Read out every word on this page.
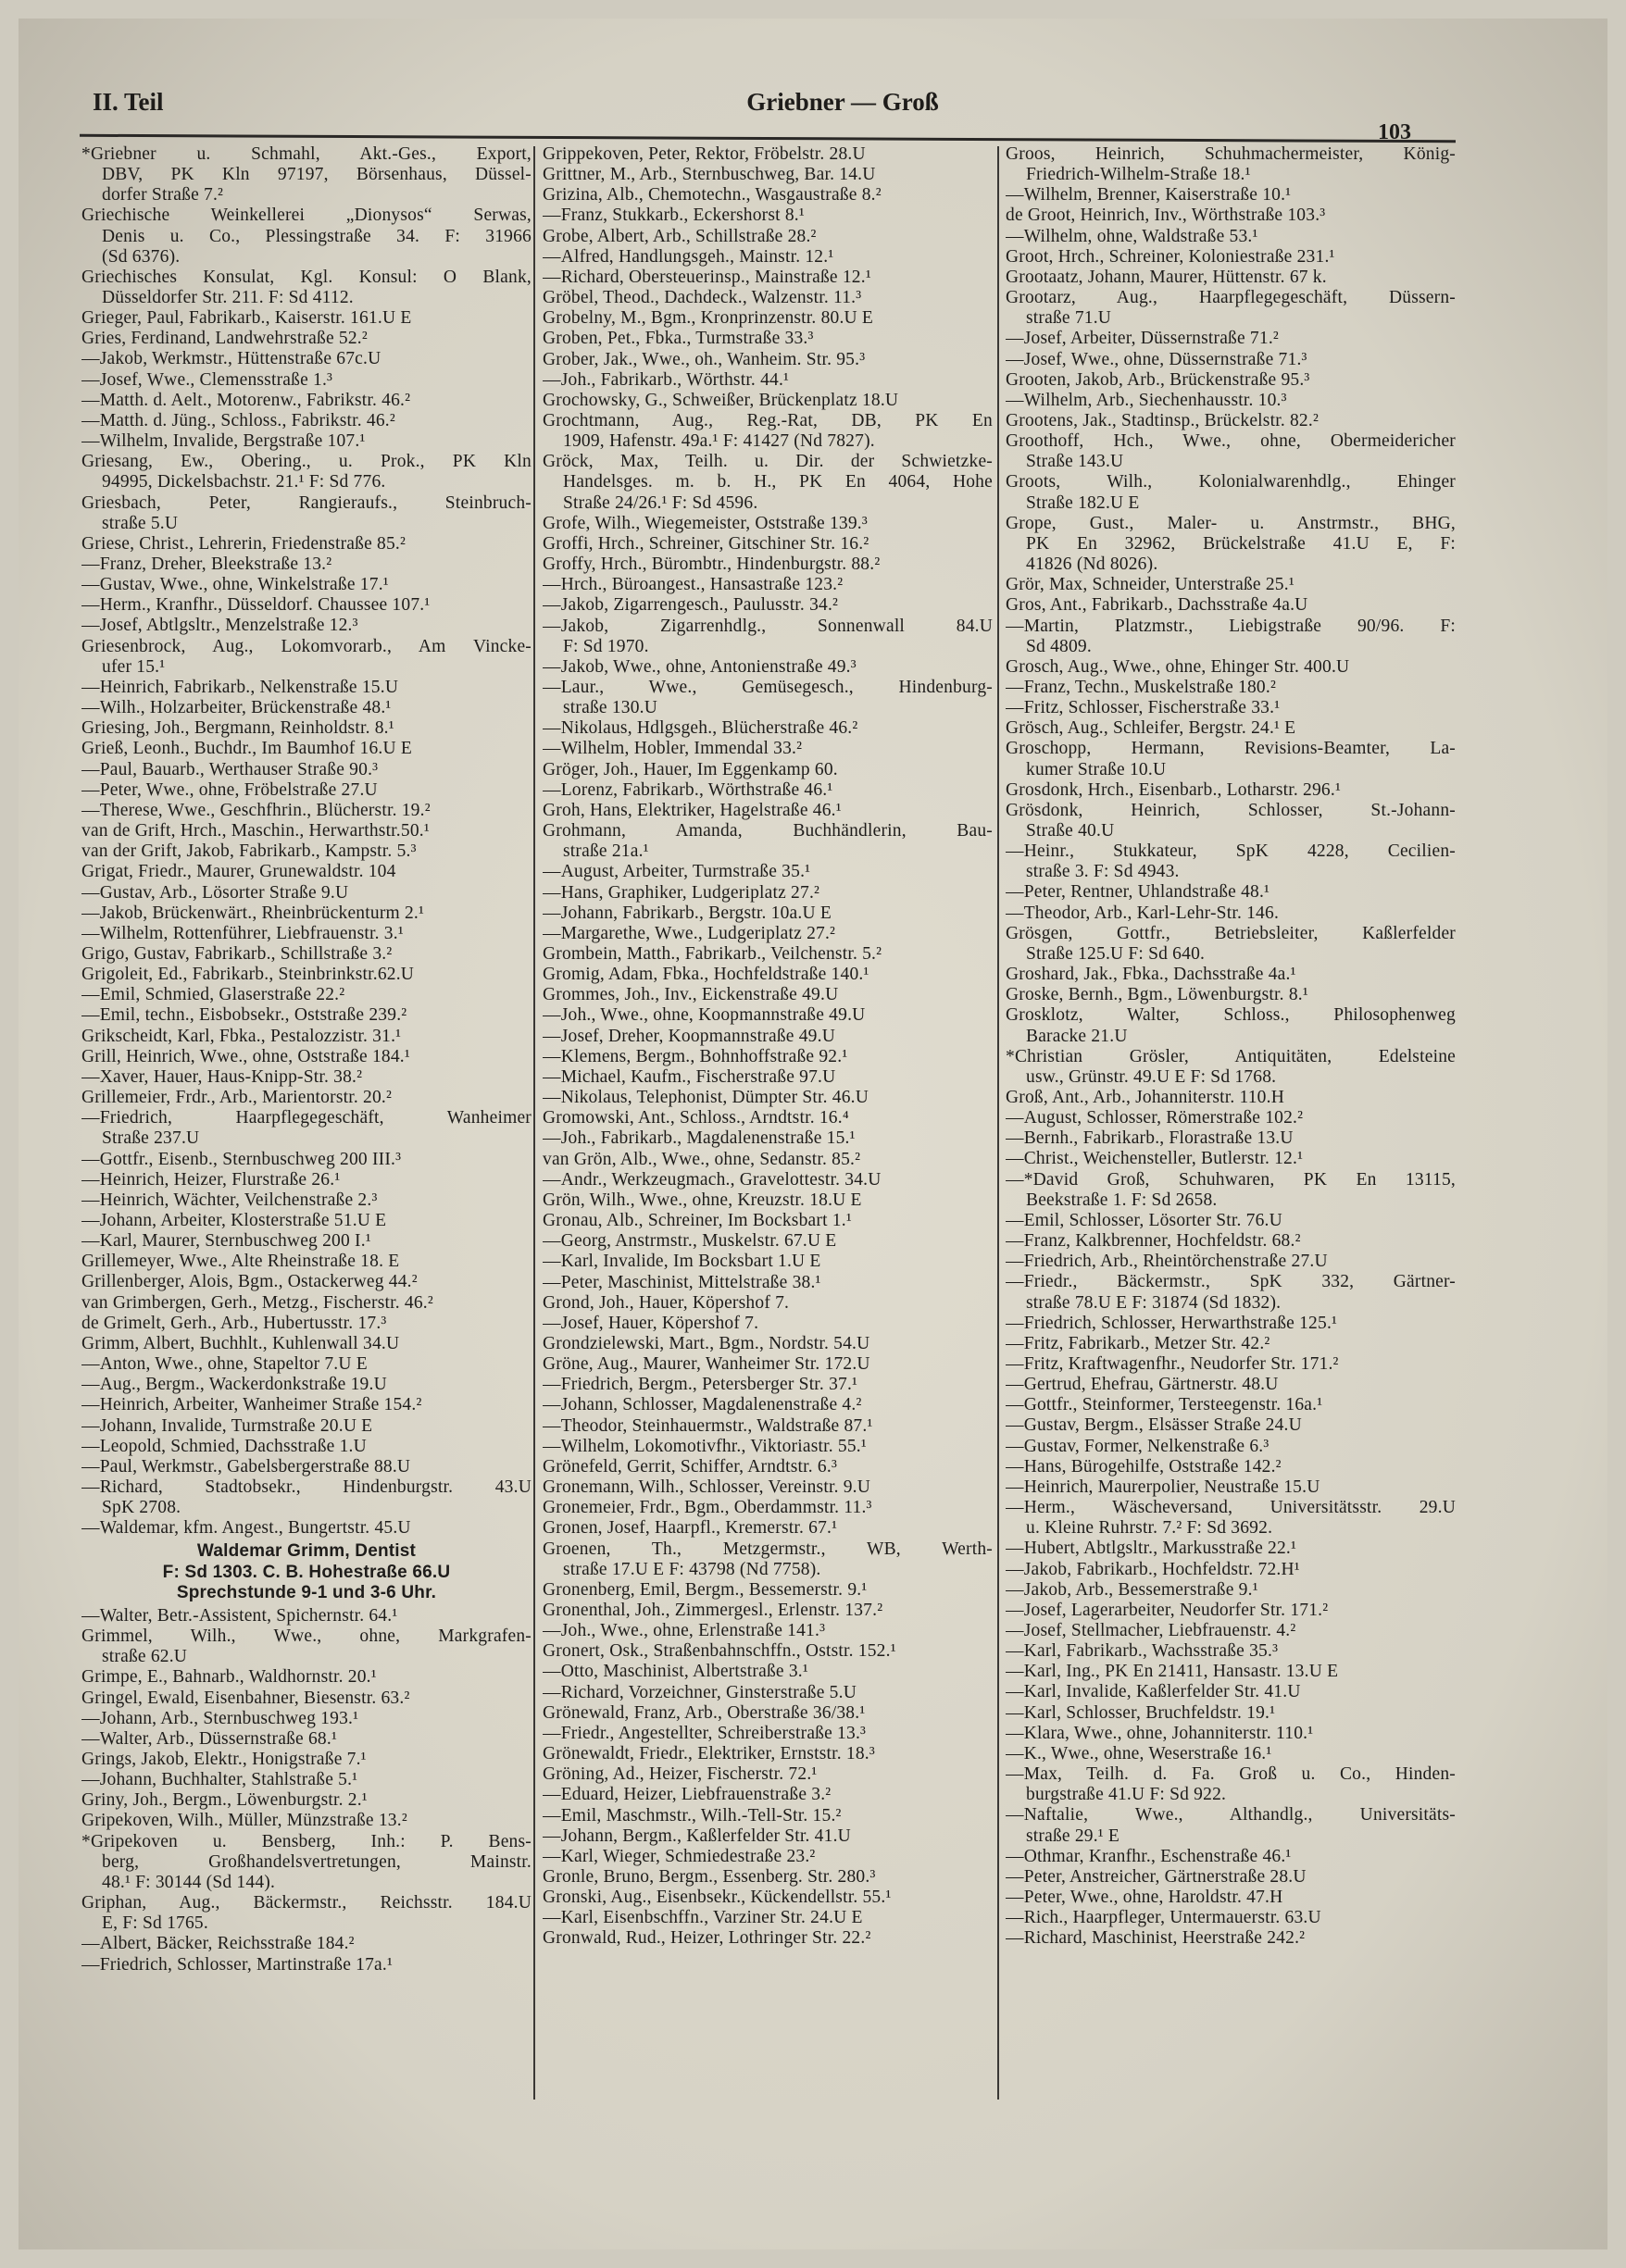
II. Teil	Griebner — Groß
103
*Griebner u. Schmahl, Akt.-Ges., Export,
DBV, PK Kln 97197, Börsenhaus, Düssel-
dorfer Straße 7.²
Griechische Weinkellerei „Dionysos“ Serwas,
Denis u. Co., Plessingstraße 34. F: 31966
(Sd 6376).
Griechisches Konsulat, Kgl. Konsul: O Blank,
Düsseldorfer Str. 211. F: Sd 4112.
Grieger, Paul, Fabrikarb., Kaiserstr. 161.U E
Gries, Ferdinand, Landwehrstraße 52.²
—Jakob, Werkmstr., Hüttenstraße 67c.U
—Josef, Wwe., Clemensstraße 1.³
—Matth. d. Aelt., Motorenw., Fabrikstr. 46.²
—Matth. d. Jüng., Schloss., Fabrikstr. 46.²
—Wilhelm, Invalide, Bergstraße 107.¹
Griesang, Ew., Obering., u. Prok., PK Kln
94995, Dickelsbachstr. 21.¹ F: Sd 776.
Griesbach, Peter, Rangieraufs., Steinbruch-
straße 5.U
Griese, Christ., Lehrerin, Friedenstraße 85.²
—Franz, Dreher, Bleekstraße 13.²
—Gustav, Wwe., ohne, Winkelstraße 17.¹
—Herm., Kranfhr., Düsseldorf. Chaussee 107.¹
—Josef, Abtlgsltr., Menzelstraße 12.³
Griesenbrock, Aug., Lokomvorarb., Am Vincke-
ufer 15.¹
—Heinrich, Fabrikarb., Nelkenstraße 15.U
—Wilh., Holzarbeiter, Brückenstraße 48.¹
Griesing, Joh., Bergmann, Reinholdstr. 8.¹
Grieß, Leonh., Buchdr., Im Baumhof 16.U E
—Paul, Bauarb., Werthauser Straße 90.³
—Peter, Wwe., ohne, Fröbelstraße 27.U
—Therese, Wwe., Geschfhrin., Blücherstr. 19.²
van de Grift, Hrch., Maschin., Herwarthstr.50.¹
van der Grift, Jakob, Fabrikarb., Kampstr. 5.³
Grigat, Friedr., Maurer, Grunewaldstr. 104
—Gustav, Arb., Lösorter Straße 9.U
—Jakob, Brückenwärt., Rheinbrückenturm 2.¹
—Wilhelm, Rottenführer, Liebfrauenstr. 3.¹
Grigo, Gustav, Fabrikarb., Schillstraße 3.²
Grigoleit, Ed., Fabrikarb., Steinbrinkstr.62.U
—Emil, Schmied, Glaserstraße 22.²
—Emil, techn., Eisbobsekr., Oststraße 239.²
Grikscheidt, Karl, Fbka., Pestalozzistr. 31.¹
Grill, Heinrich, Wwe., ohne, Oststraße 184.¹
—Xaver, Hauer, Haus-Knipp-Str. 38.²
Grillemeier, Frdr., Arb., Marientorstr. 20.²
—Friedrich, Haarpflegegeschäft, Wanheimer
Straße 237.U
—Gottfr., Eisenb., Sternbuschweg 200 III.³
—Heinrich, Heizer, Flurstraße 26.¹
—Heinrich, Wächter, Veilchenstraße 2.³
—Johann, Arbeiter, Klosterstraße 51.U E
—Karl, Maurer, Sternbuschweg 200 I.¹
Grillemeyer, Wwe., Alte Rheinstraße 18. E
Grillenberger, Alois, Bgm., Ostackerweg 44.²
van Grimbergen, Gerh., Metzg., Fischerstr. 46.²
de Grimelt, Gerh., Arb., Hubertusstr. 17.³
Grimm, Albert, Buchhlt., Kuhlenwall 34.U
—Anton, Wwe., ohne, Stapeltor 7.U E
—Aug., Bergm., Wackerdonkstraße 19.U
—Heinrich, Arbeiter, Wanheimer Straße 154.²
—Johann, Invalide, Turmstraße 20.U E
—Leopold, Schmied, Dachsstraße 1.U
—Paul, Werkmstr., Gabelsbergerstraße 88.U
—Richard, Stadtobsekr., Hindenburgstr. 43.U
SpK 2708.
—Waldemar, kfm. Angest., Bungertstr. 45.U
Waldemar Grimm, Dentist
F: Sd 1303. C. B. Hohestraße 66.U
Sprechstunde 9-1 und 3-6 Uhr.
—Walter, Betr.-Assistent, Spichernstr. 64.¹
Grimmel, Wilh., Wwe., ohne, Markgrafen-
straße 62.U
Grimpe, E., Bahnarb., Waldhornstr. 20.¹
Gringel, Ewald, Eisenbahner, Biesenstr. 63.²
—Johann, Arb., Sternbuschweg 193.¹
—Walter, Arb., Düssernstraße 68.¹
Grings, Jakob, Elektr., Honigstraße 7.¹
—Johann, Buchhalter, Stahlstraße 5.¹
Griny, Joh., Bergm., Löwenburgstr. 2.¹
Gripekoven, Wilh., Müller, Münzstraße 13.²
*Gripekoven u. Bensberg, Inh.: P. Bens-
berg, Großhandelsvertretungen, Mainstr.
48.¹ F: 30144 (Sd 144).
Griphan, Aug., Bäckermstr., Reichsstr. 184.U
E, F: Sd 1765.
—Albert, Bäcker, Reichsstraße 184.²
—Friedrich, Schlosser, Martinstraße 17a.¹
Grippekoven, Peter, Rektor, Fröbelstr. 28.U
Grittner, M., Arb., Sternbuschweg, Bar. 14.U
Grizina, Alb., Chemotechn., Wasgaustraße 8.²
—Franz, Stukkarb., Eckershorst 8.¹
Grobe, Albert, Arb., Schillstraße 28.²
—Alfred, Handlungsgeh., Mainstr. 12.¹
—Richard, Obersteuerinsp., Mainstraße 12.¹
Gröbel, Theod., Dachdeck., Walzenstr. 11.³
Grobelny, M., Bgm., Kronprinzenstr. 80.U E
Groben, Pet., Fbka., Turmstraße 33.³
Grober, Jak., Wwe., oh., Wanheim. Str. 95.³
—Joh., Fabrikarb., Wörthstr. 44.¹
Grochowsky, G., Schweißer, Brückenplatz 18.U
Grochtmann, Aug., Reg.-Rat, DB, PK En
1909, Hafenstr. 49a.¹ F: 41427 (Nd 7827).
Gröck, Max, Teilh. u. Dir. der Schwietzke-
Handelsges. m. b. H., PK En 4064, Hohe
Straße 24/26.¹ F: Sd 4596.
Grofe, Wilh., Wiegemeister, Oststraße 139.³
Groffi, Hrch., Schreiner, Gitschiner Str. 16.²
Groffy, Hrch., Bürombtr., Hindenburgstr. 88.²
—Hrch., Büroangest., Hansastraße 123.²
—Jakob, Zigarrengesch., Paulusstr. 34.²
—Jakob, Zigarrenhdlg., Sonnenwall 84.U
F: Sd 1970.
—Jakob, Wwe., ohne, Antonienstraße 49.³
—Laur., Wwe., Gemüsegesch., Hindenburg-
straße 130.U
—Nikolaus, Hdlgsgeh., Blücherstraße 46.²
—Wilhelm, Hobler, Immendal 33.²
Gröger, Joh., Hauer, Im Eggenkamp 60.
—Lorenz, Fabrikarb., Wörthstraße 46.¹
Groh, Hans, Elektriker, Hagelstraße 46.¹
Grohmann, Amanda, Buchhändlerin, Bau-
straße 21a.¹
—August, Arbeiter, Turmstraße 35.¹
—Hans, Graphiker, Ludgeriplatz 27.²
—Johann, Fabrikarb., Bergstr. 10a.U E
—Margarethe, Wwe., Ludgeriplatz 27.²
Grombein, Matth., Fabrikarb., Veilchenstr. 5.²
Gromig, Adam, Fbka., Hochfeldstraße 140.¹
Grommes, Joh., Inv., Eickenstraße 49.U
—Joh., Wwe., ohne, Koopmannstraße 49.U
—Josef, Dreher, Koopmannstraße 49.U
—Klemens, Bergm., Bohnhoffstraße 92.¹
—Michael, Kaufm., Fischerstraße 97.U
—Nikolaus, Telephonist, Dümpter Str. 46.U
Gromowski, Ant., Schloss., Arndtstr. 16.⁴
—Joh., Fabrikarb., Magdalenenstraße 15.¹
van Grön, Alb., Wwe., ohne, Sedanstr. 85.²
—Andr., Werkzeugmach., Gravelottestr. 34.U
Grön, Wilh., Wwe., ohne, Kreuzstr. 18.U E
Gronau, Alb., Schreiner, Im Bocksbart 1.¹
—Georg, Anstrmstr., Muskelstr. 67.U E
—Karl, Invalide, Im Bocksbart 1.U E
—Peter, Maschinist, Mittelstraße 38.¹
Grond, Joh., Hauer, Köpershof 7.
—Josef, Hauer, Köpershof 7.
Grondzielewski, Mart., Bgm., Nordstr. 54.U
Gröne, Aug., Maurer, Wanheimer Str. 172.U
—Friedrich, Bergm., Petersberger Str. 37.¹
—Johann, Schlosser, Magdalenenstraße 4.²
—Theodor, Steinhauermstr., Waldstraße 87.¹
—Wilhelm, Lokomotivfhr., Viktoriastr. 55.¹
Grönefeld, Gerrit, Schiffer, Arndtstr. 6.³
Gronemann, Wilh., Schlosser, Vereinstr. 9.U
Gronemeier, Frdr., Bgm., Oberdammstr. 11.³
Gronen, Josef, Haarpfl., Kremerstr. 67.¹
Groenen, Th., Metzgermstr., WB, Werth-
straße 17.U E F: 43798 (Nd 7758).
Gronenberg, Emil, Bergm., Bessemerstr. 9.¹
Gronenthal, Joh., Zimmergesl., Erlenstr. 137.²
—Joh., Wwe., ohne, Erlenstraße 141.³
Gronert, Osk., Straßenbahnschffn., Oststr. 152.¹
—Otto, Maschinist, Albertstraße 3.¹
—Richard, Vorzeichner, Ginsterstraße 5.U
Grönewald, Franz, Arb., Oberstraße 36/38.¹
—Friedr., Angestellter, Schreiberstraße 13.³
Grönewaldt, Friedr., Elektriker, Ernststr. 18.³
Gröning, Ad., Heizer, Fischerstr. 72.¹
—Eduard, Heizer, Liebfrauenstraße 3.²
—Emil, Maschmstr., Wilh.-Tell-Str. 15.²
—Johann, Bergm., Kaßlerfelder Str. 41.U
—Karl, Wieger, Schmiedestraße 23.²
Gronle, Bruno, Bergm., Essenberg. Str. 280.³
Gronski, Aug., Eisenbsekr., Kückendellstr. 55.¹
—Karl, Eisenbschffn., Varziner Str. 24.U E
Gronwald, Rud., Heizer, Lothringer Str. 22.²
Groos, Heinrich, Schuhmachermeister, König-
Friedrich-Wilhelm-Straße 18.¹
—Wilhelm, Brenner, Kaiserstraße 10.¹
de Groot, Heinrich, Inv., Wörthstraße 103.³
—Wilhelm, ohne, Waldstraße 53.¹
Groot, Hrch., Schreiner, Koloniestraße 231.¹
Grootaatz, Johann, Maurer, Hüttenstr. 67 k.
Grootarz, Aug., Haarpflegegeschäft, Düssern-
straße 71.U
—Josef, Arbeiter, Düssernstraße 71.²
—Josef, Wwe., ohne, Düssernstraße 71.³
Grooten, Jakob, Arb., Brückenstraße 95.³
—Wilhelm, Arb., Siechenhausstr. 10.³
Grootens, Jak., Stadtinsp., Brückelstr. 82.²
Groothoff, Hch., Wwe., ohne, Obermeidericher
Straße 143.U
Groots, Wilh., Kolonialwarenhdlg., Ehinger
Straße 182.U E
Grope, Gust., Maler- u. Anstrmstr., BHG,
PK En 32962, Brückelstraße 41.U E, F:
41826 (Nd 8026).
Grör, Max, Schneider, Unterstraße 25.¹
Gros, Ant., Fabrikarb., Dachsstraße 4a.U
—Martin, Platzmstr., Liebigstraße 90/96. F:
Sd 4809.
Grosch, Aug., Wwe., ohne, Ehinger Str. 400.U
—Franz, Techn., Muskelstraße 180.²
—Fritz, Schlosser, Fischerstraße 33.¹
Grösch, Aug., Schleifer, Bergstr. 24.¹ E
Groschopp, Hermann, Revisions-Beamter, La-
kumer Straße 10.U
Grosdonk, Hrch., Eisenbarb., Lotharstr. 296.¹
Grösdonk, Heinrich, Schlosser, St.-Johann-
Straße 40.U
—Heinr., Stukkateur, SpK 4228, Cecilien-
straße 3. F: Sd 4943.
—Peter, Rentner, Uhlandstraße 48.¹
—Theodor, Arb., Karl-Lehr-Str. 146.
Grösgen, Gottfr., Betriebsleiter, Kaßlerfelder
Straße 125.U F: Sd 640.
Groshard, Jak., Fbka., Dachsstraße 4a.¹
Groske, Bernh., Bgm., Löwenburgstr. 8.¹
Grosklotz, Walter, Schloss., Philosophenweg
Baracke 21.U
*Christian Grösler, Antiquitäten, Edelsteine
usw., Grünstr. 49.U E F: Sd 1768.
Groß, Ant., Arb., Johanniterstr. 110.H
—August, Schlosser, Römerstraße 102.²
—Bernh., Fabrikarb., Florastraße 13.U
—Christ., Weichensteller, Butlerstr. 12.¹
—*David Groß, Schuhwaren, PK En 13115,
Beekstraße 1. F: Sd 2658.
—Emil, Schlosser, Lösorter Str. 76.U
—Franz, Kalkbrenner, Hochfeldstr. 68.²
—Friedrich, Arb., Rheintörchenstraße 27.U
—Friedr., Bäckermstr., SpK 332, Gärtner-
straße 78.U E F: 31874 (Sd 1832).
—Friedrich, Schlosser, Herwarthstraße 125.¹
—Fritz, Fabrikarb., Metzer Str. 42.²
—Fritz, Kraftwagenfhr., Neudorfer Str. 171.²
—Gertrud, Ehefrau, Gärtnerstr. 48.U
—Gottfr., Steinformer, Tersteegenstr. 16a.¹
—Gustav, Bergm., Elsässer Straße 24.U
—Gustav, Former, Nelkenstraße 6.³
—Hans, Bürogehilfe, Oststraße 142.²
—Heinrich, Maurerpolier, Neustraße 15.U
—Herm., Wäscheversand, Universitätsstr. 29.U
u. Kleine Ruhrstr. 7.² F: Sd 3692.
—Hubert, Abtlgsltr., Markusstraße 22.¹
—Jakob, Fabrikarb., Hochfeldstr. 72.H¹
—Jakob, Arb., Bessemerstraße 9.¹
—Josef, Lagerarbeiter, Neudorfer Str. 171.²
—Josef, Stellmacher, Liebfrauenstr. 4.²
—Karl, Fabrikarb., Wachsstraße 35.³
—Karl, Ing., PK En 21411, Hansastr. 13.U E
—Karl, Invalide, Kaßlerfelder Str. 41.U
—Karl, Schlosser, Bruchfeldstr. 19.¹
—Klara, Wwe., ohne, Johanniterstr. 110.¹
—K., Wwe., ohne, Weserstraße 16.¹
—Max, Teilh. d. Fa. Groß u. Co., Hinden-
burgstraße 41.U F: Sd 922.
—Naftalie, Wwe., Althandlg., Universitäts-
straße 29.¹ E
—Othmar, Kranfhr., Eschenstraße 46.¹
—Peter, Anstreicher, Gärtnerstraße 28.U
—Peter, Wwe., ohne, Haroldstr. 47.H
—Rich., Haarpfleger, Untermauerstr. 63.U
—Richard, Maschinist, Heerstraße 242.²
